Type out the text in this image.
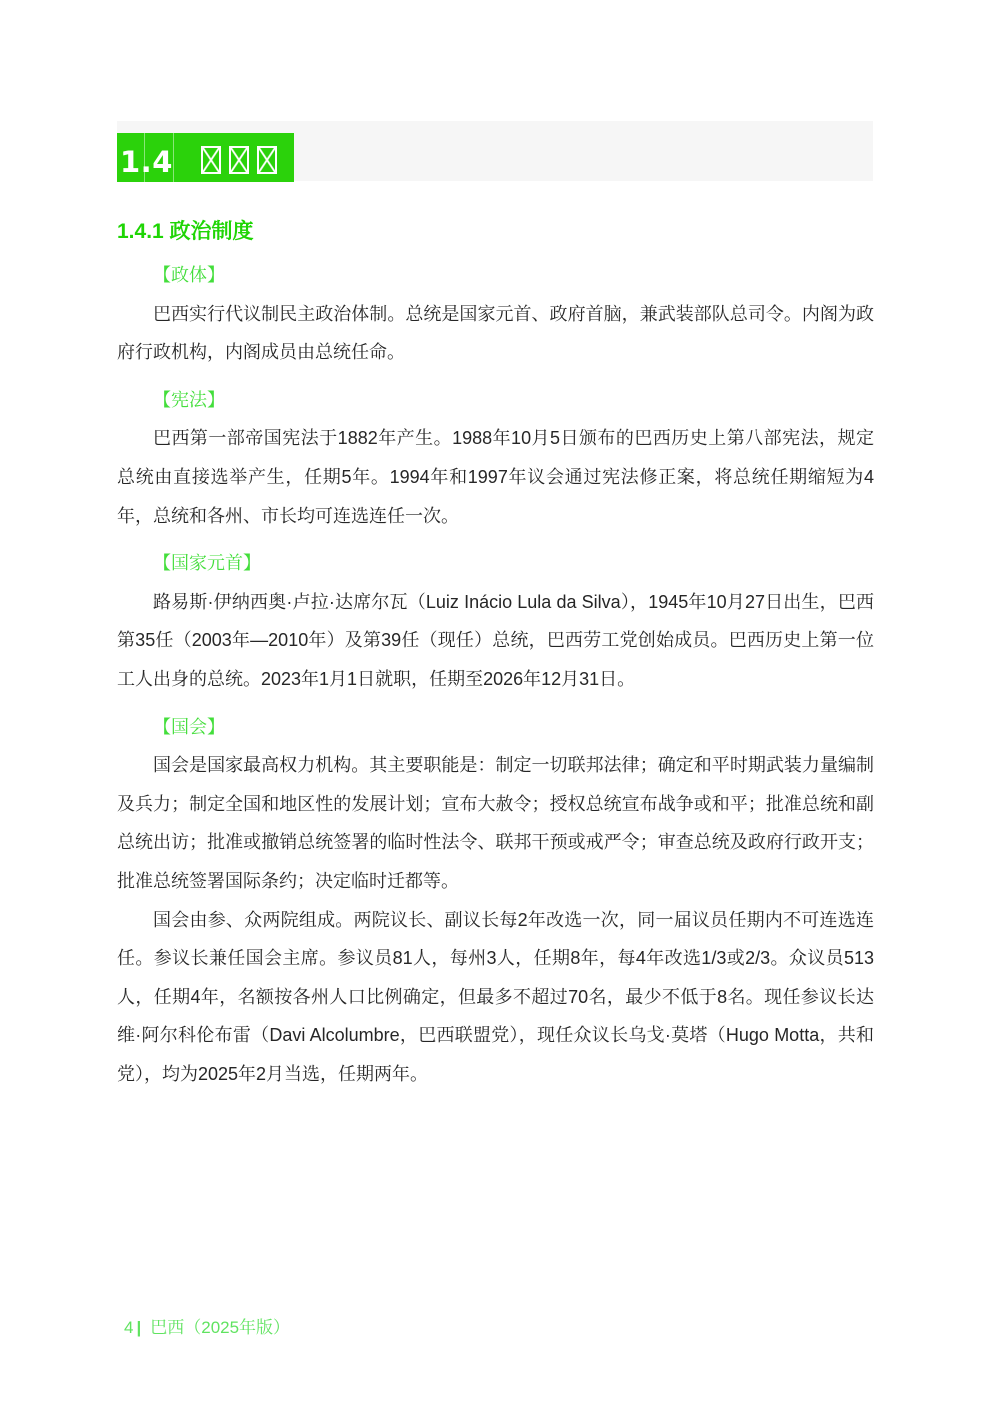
1.4
1.4.1 政治制度
【政体】

巴西实行代议制民主政治体制。总统是国家元首、政府首脑，兼武装部队总司令。内阁为政府行政机构，内阁成员由总统任命。

【宪法】

巴西第一部帝国宪法于1882年产生。1988年10月5日颁布的巴西历史上第八部宪法，规定总统由直接选举产生，任期5年。1994年和1997年议会通过宪法修正案，将总统任期缩短为4年，总统和各州、市长均可连选连任一次。

【国家元首】

路易斯·伊纳西奥·卢拉·达席尔瓦（Luiz Inácio Lula da Silva），1945年10月27日出生，巴西第35任（2003年—2010年）及第39任（现任）总统，巴西劳工党创始成员。巴西历史上第一位工人出身的总统。2023年1月1日就职，任期至2026年12月31日。

【国会】

国会是国家最高权力机构。其主要职能是：制定一切联邦法律；确定和平时期武装力量编制及兵力；制定全国和地区性的发展计划；宣布大赦令；授权总统宣布战争或和平；批准总统和副总统出访；批准或撤销总统签署的临时性法令、联邦干预或戒严令；审查总统及政府行政开支；批准总统签署国际条约；决定临时迁都等。

国会由参、众两院组成。两院议长、副议长每2年改选一次，同一届议员任期内不可连选连任。参议长兼任国会主席。参议员81人，每州3人，任期8年，每4年改选1/3或2/3。众议员513人，任期4年，名额按各州人口比例确定，但最多不超过70名，最少不低于8名。现任参议长达维·阿尔科伦布雷（Davi Alcolumbre，巴西联盟党），现任众议长乌戈·莫塔（Hugo Motta，共和党），均为2025年2月当选，任期两年。

4 | 巴西（2025年版）
